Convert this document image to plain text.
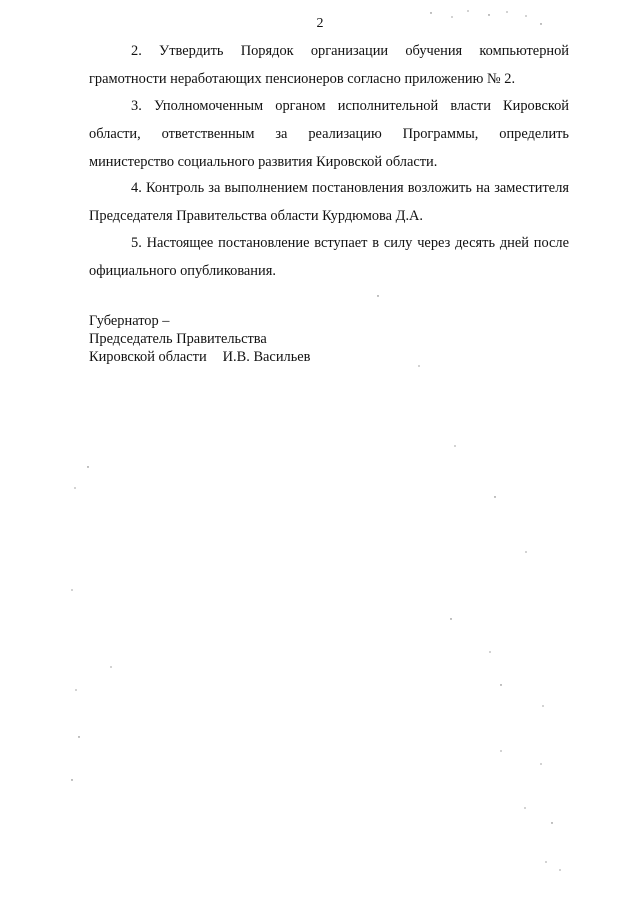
2

2. Утвердить Порядок организации обучения компьютерной грамотности неработающих пенсионеров согласно приложению № 2.

3. Уполномоченным органом исполнительной власти Кировской области, ответственным за реализацию Программы, определить министерство социального развития Кировской области.

4. Контроль за выполнением постановления возложить на заместителя Председателя Правительства области Курдюмова Д.А.

5. Настоящее постановление вступает в силу через десять дней после официального опубликования.

Губернатор –
Председатель Правительства
Кировской области И.В. Васильев
